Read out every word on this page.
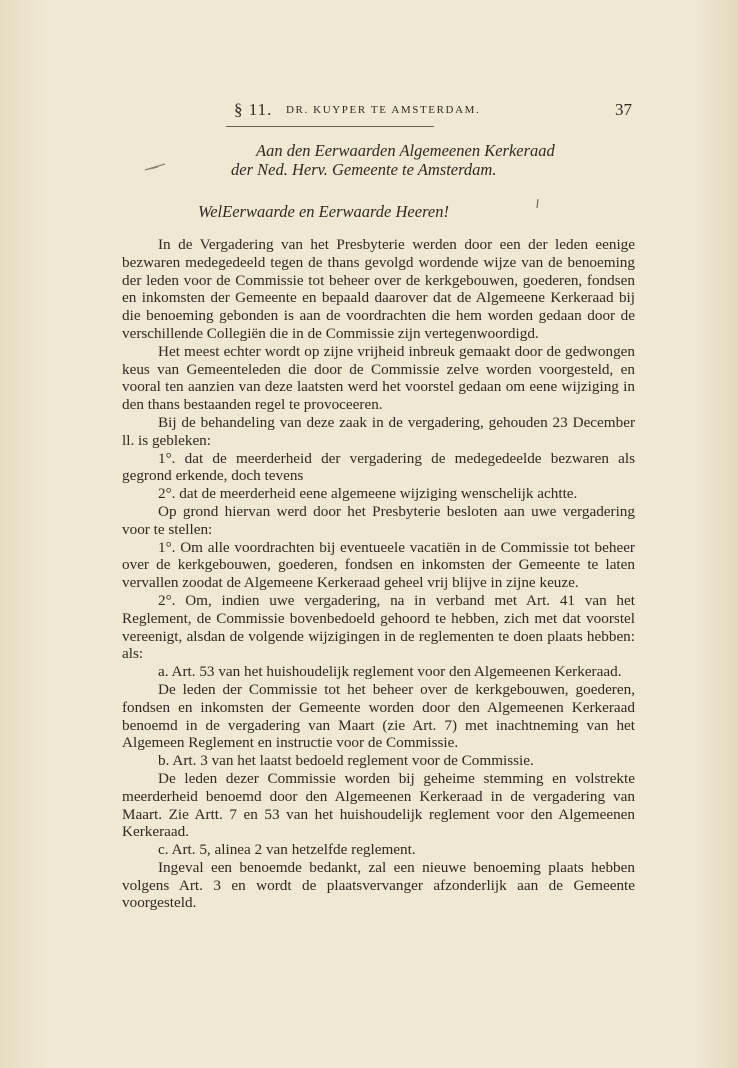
§ 11. DR. KUYPER TE AMSTERDAM.	37
Aan den Eerwaarden Algemeenen Kerkeraad
der Ned. Herv. Gemeente te Amsterdam.
WelEerwaarde en Eerwaarde Heeren!

In de Vergadering van het Presbyterie werden door een der leden eenige bezwaren medegedeeld tegen de thans gevolgd wordende wijze van de benoeming der leden voor de Commissie tot beheer over de kerkgebouwen, goederen, fondsen en inkomsten der Gemeente en bepaald daarover dat de Algemeene Kerkeraad bij die benoeming gebonden is aan de voordrachten die hem worden gedaan door de verschillende Collegiën die in de Commissie zijn vertegenwoordigd.

Het meest echter wordt op zijne vrijheid inbreuk gemaakt door de gedwongen keus van Gemeenteleden die door de Commissie zelve worden voorgesteld, en vooral ten aanzien van deze laatsten werd het voorstel gedaan om eene wijziging in den thans bestaanden regel te provoceeren.

Bij de behandeling van deze zaak in de vergadering, gehouden 23 December ll. is gebleken:

1°. dat de meerderheid der vergadering de medegedeelde bezwaren als gegrond erkende, doch tevens

2°. dat de meerderheid eene algemeene wijziging wenschelijk achtte.

Op grond hiervan werd door het Presbyterie besloten aan uwe vergadering voor te stellen:

1°. Om alle voordrachten bij eventueele vacatiën in de Commissie tot beheer over de kerkgebouwen, goederen, fondsen en inkomsten der Gemeente te laten vervallen zoodat de Algemeene Kerkeraad geheel vrij blijve in zijne keuze.

2°. Om, indien uwe vergadering, na in verband met Art. 41 van het Reglement, de Commissie bovenbedoeld gehoord te hebben, zich met dat voorstel vereenigt, alsdan de volgende wijzigingen in de reglementen te doen plaats hebben: als:

a. Art. 53 van het huishoudelijk reglement voor den Algemeenen Kerkeraad.

De leden der Commissie tot het beheer over de kerkgebouwen, goederen, fondsen en inkomsten der Gemeente worden door den Algemeenen Kerkeraad benoemd in de vergadering van Maart (zie Art. 7) met inachtneming van het Algemeen Reglement en instructie voor de Commissie.

b. Art. 3 van het laatst bedoeld reglement voor de Commissie.

De leden dezer Commissie worden bij geheime stemming en volstrekte meerderheid benoemd door den Algemeenen Kerkeraad in de vergadering van Maart. Zie Artt. 7 en 53 van het huishoudelijk reglement voor den Algemeenen Kerkeraad.

c. Art. 5, alinea 2 van hetzelfde reglement.

Ingeval een benoemde bedankt, zal een nieuwe benoeming plaats hebben volgens Art. 3 en wordt de plaatsvervanger afzonderlijk aan de Gemeente voorgesteld.
